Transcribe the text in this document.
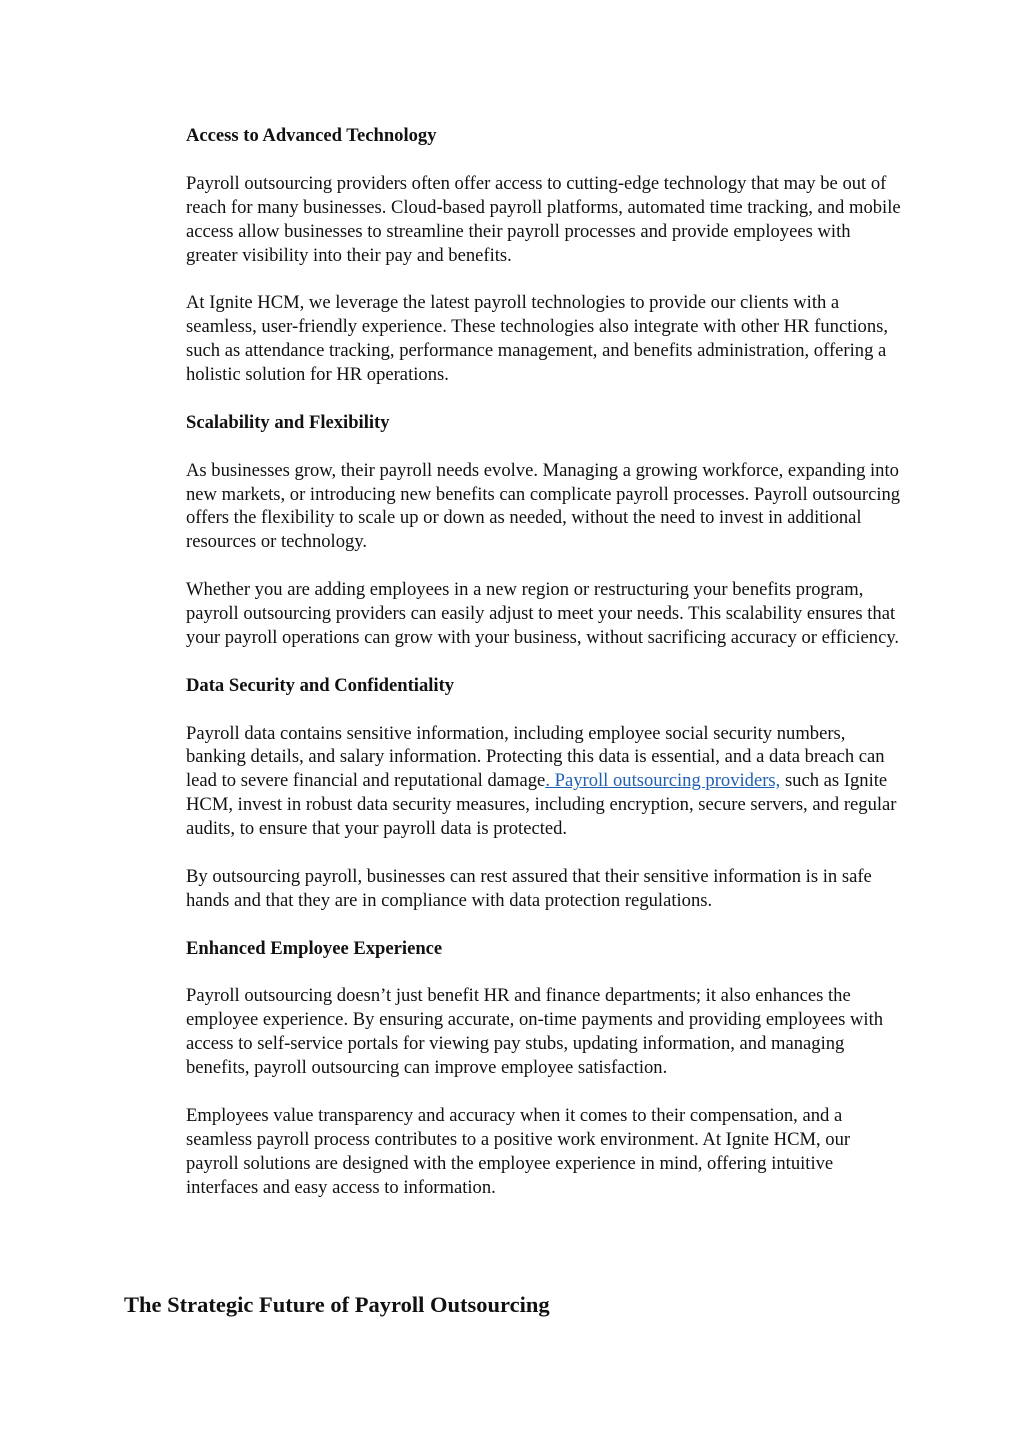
Access to Advanced Technology

Payroll outsourcing providers often offer access to cutting-edge technology that may be out of reach for many businesses. Cloud-based payroll platforms, automated time tracking, and mobile access allow businesses to streamline their payroll processes and provide employees with greater visibility into their pay and benefits.

At Ignite HCM, we leverage the latest payroll technologies to provide our clients with a seamless, user-friendly experience. These technologies also integrate with other HR functions, such as attendance tracking, performance management, and benefits administration, offering a holistic solution for HR operations.

Scalability and Flexibility

As businesses grow, their payroll needs evolve. Managing a growing workforce, expanding into new markets, or introducing new benefits can complicate payroll processes. Payroll outsourcing offers the flexibility to scale up or down as needed, without the need to invest in additional resources or technology.

Whether you are adding employees in a new region or restructuring your benefits program, payroll outsourcing providers can easily adjust to meet your needs. This scalability ensures that your payroll operations can grow with your business, without sacrificing accuracy or efficiency.

Data Security and Confidentiality

Payroll data contains sensitive information, including employee social security numbers, banking details, and salary information. Protecting this data is essential, and a data breach can lead to severe financial and reputational damage. Payroll outsourcing providers, such as Ignite HCM, invest in robust data security measures, including encryption, secure servers, and regular audits, to ensure that your payroll data is protected.

By outsourcing payroll, businesses can rest assured that their sensitive information is in safe hands and that they are in compliance with data protection regulations.

Enhanced Employee Experience

Payroll outsourcing doesn’t just benefit HR and finance departments; it also enhances the employee experience. By ensuring accurate, on-time payments and providing employees with access to self-service portals for viewing pay stubs, updating information, and managing benefits, payroll outsourcing can improve employee satisfaction.

Employees value transparency and accuracy when it comes to their compensation, and a seamless payroll process contributes to a positive work environment. At Ignite HCM, our payroll solutions are designed with the employee experience in mind, offering intuitive interfaces and easy access to information.

The Strategic Future of Payroll Outsourcing
